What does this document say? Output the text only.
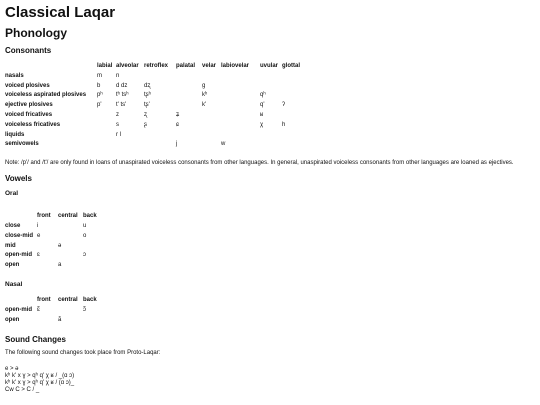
Classical Laqar
Phonology
Consonants
	labial	alveolar	retroflex	palatal	velar	labiovelar	uvular	glottal
nasals	m	n						
voiced plosives	b	d dz	dʐ		g			
voiceless aspirated plosives	pʰ	tʰ tsʰ	tʂʰ		kʰ		qʰ	
ejective plosives	p'	t' ts'	tʂ'		k'		q'	ʔ
voiced fricatives		z	ʐ	ʑ			ʁ	
voiceless fricatives		s	ʂ	ɕ			χ	h
liquids		r l						
semivowels				j		w		

Note: /p'/ and /t'/ are only found in loans of unaspirated voiceless consonants from other languages. In general, unaspirated voiceless consonants from other languages are loaned as ejectives.

Vowels
Oral
	front	central	back
close	i		u
close-mid	e		o
mid		ə	
open-mid	ɛ		ɔ
open		a	
Nasal
	front	central	back
open-mid	ɛ̃		ɔ̃
open		ã	
Sound Changes

The following sound changes took place from Proto-Laqar:

e > ə

kʰ k' x ɣ > qʰ q' χ ʁ / _(ɑ ɔ)

kʰ k' x ɣ > qʰ q' χ ʁ / (ɑ ɔ)_

Cw C > C / _
